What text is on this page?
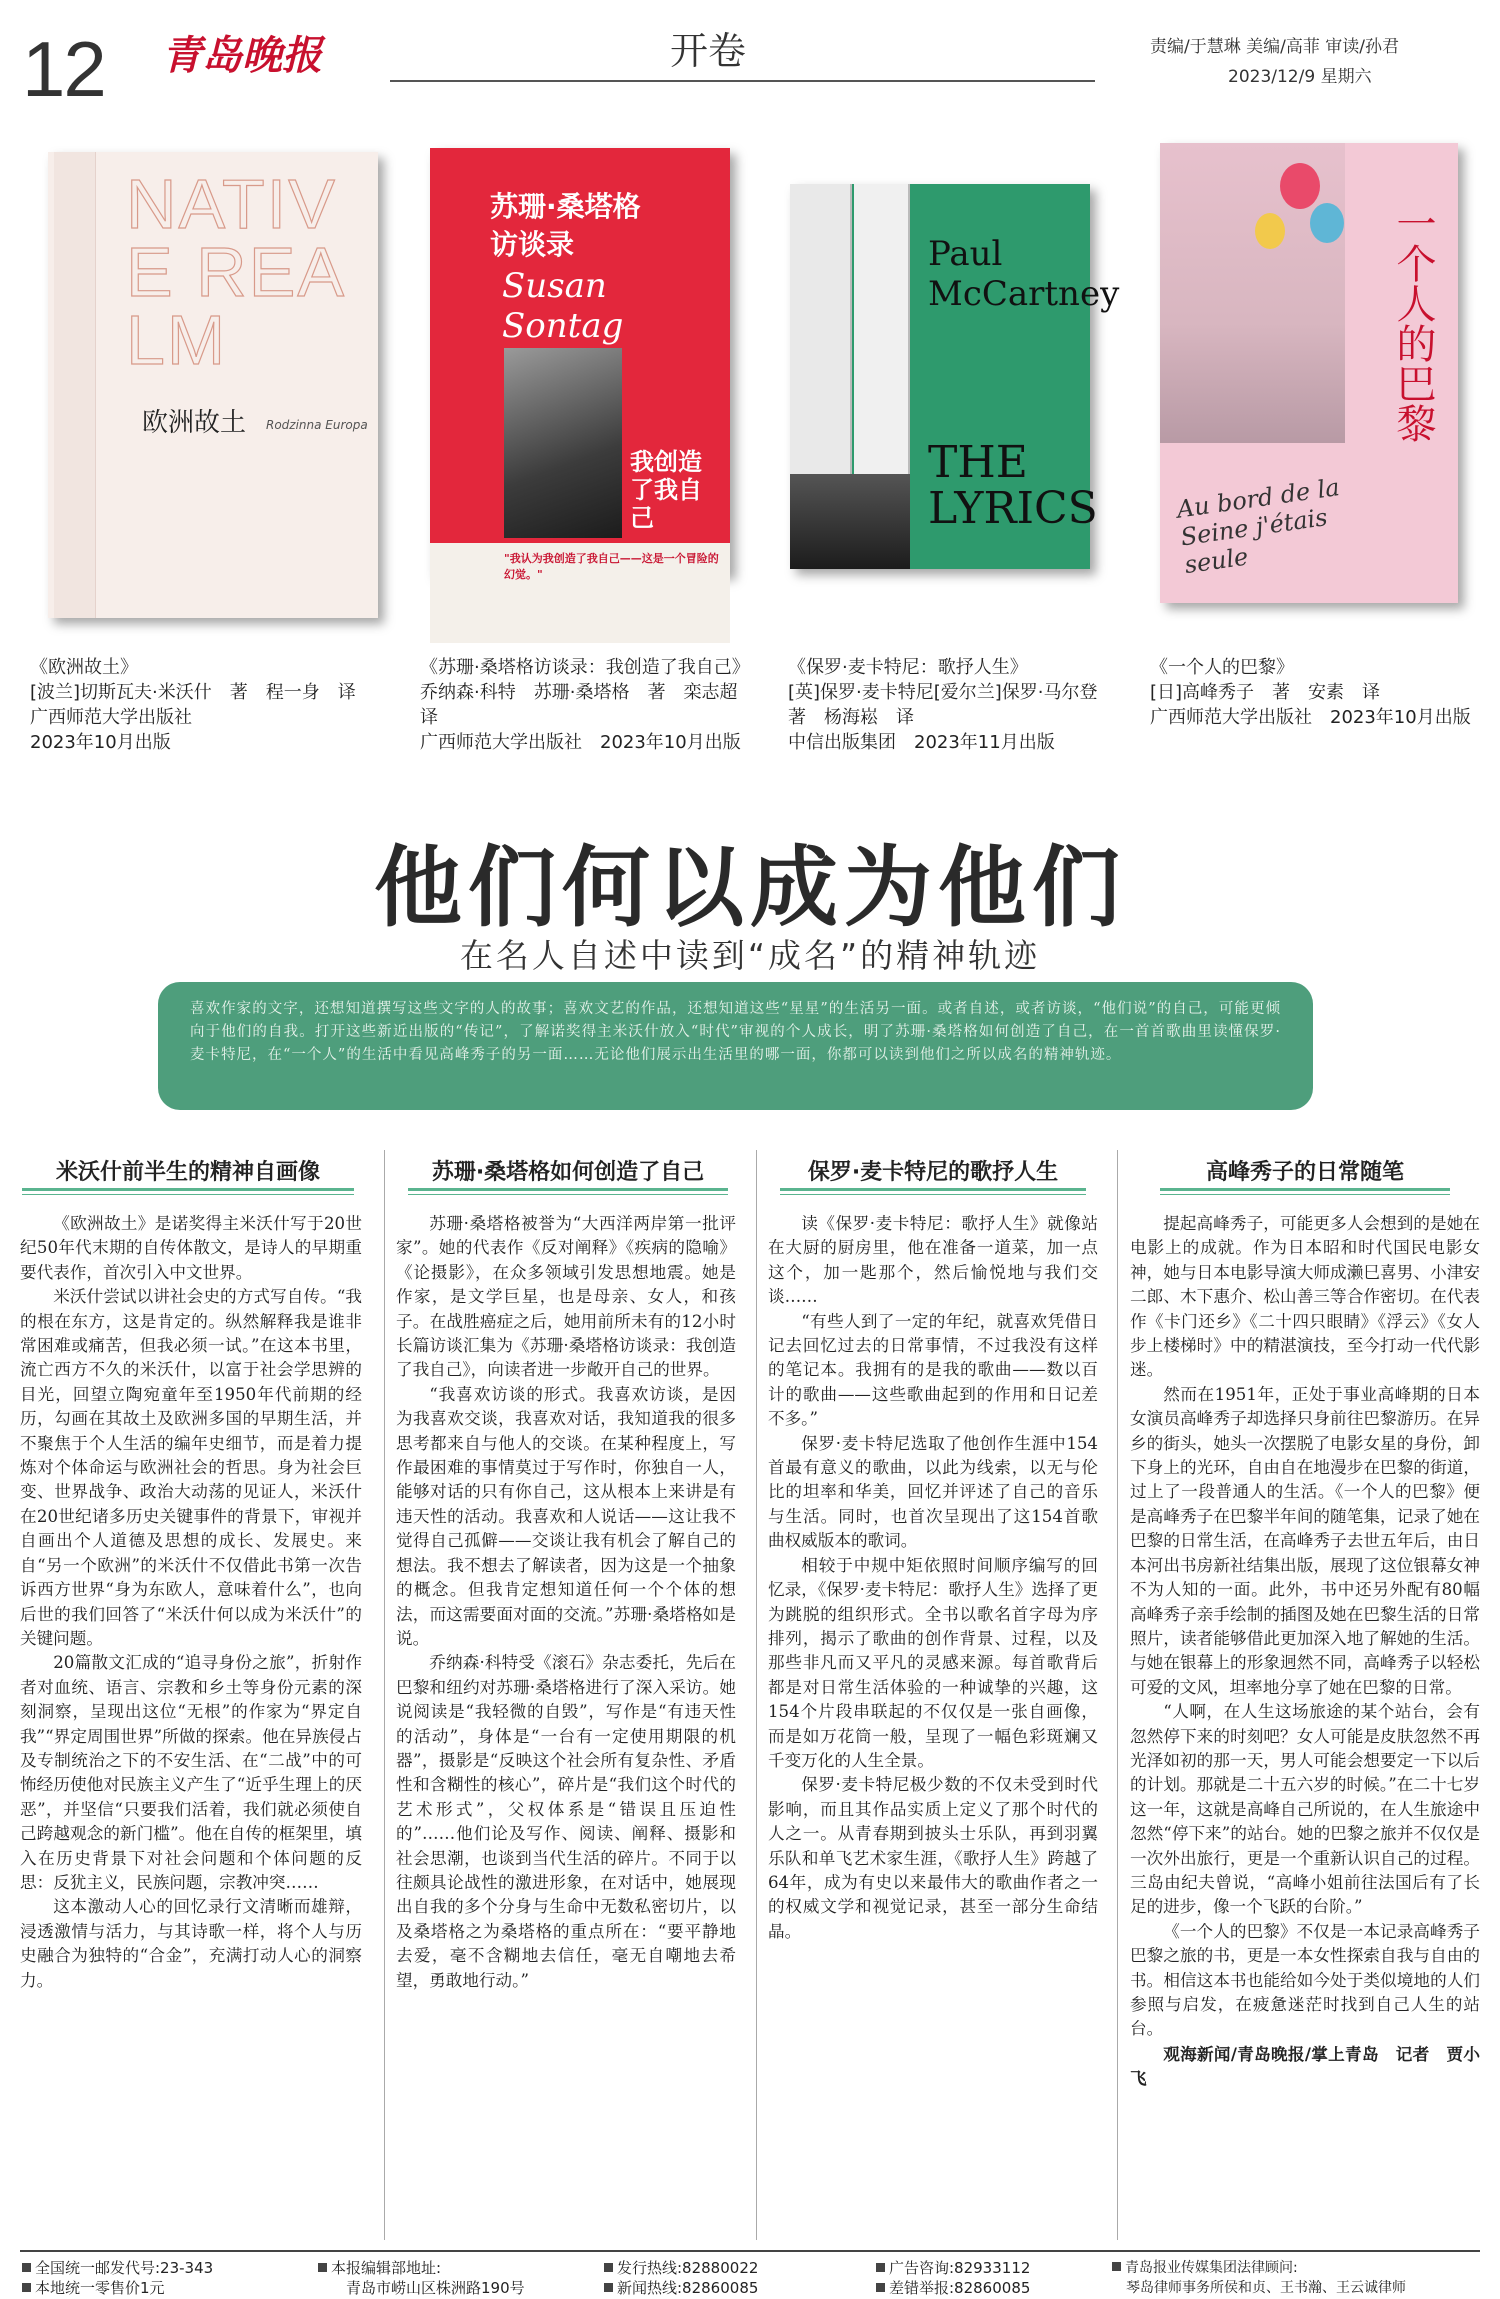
12 青岛晚报	开卷	责编/于慧琳 美编/高菲 审读/孙君
2023/12/9 星期六
NATIVE REALM
欧洲故土 Rodzinna Europa
《欧洲故土》
[波兰]切斯瓦夫·米沃什　著　程一身　译
广西师范大学出版社
2023年10月出版
苏珊·桑塔格访谈录
Susan Sontag
我创造了我自己
"我认为我创造了我自己——这是一个冒险的幻觉。"
《苏珊·桑塔格访谈录：我创造了我自己》
乔纳森·科特　苏珊·桑塔格　著　栾志超　译
广西师范大学出版社　2023年10月出版
Paul McCartney
THE LYRICS
《保罗·麦卡特尼：歌抒人生》
[英]保罗·麦卡特尼[爱尔兰]保罗·马尔登　著　杨海崧　译
中信出版集团　2023年11月出版
一个人的巴黎
Au bord de la Seine j'étais seule
《一个人的巴黎》
[日]高峰秀子　著　安素　译
广西师范大学出版社　2023年10月出版
他们何以成为他们
在名人自述中读到“成名”的精神轨迹

喜欢作家的文字，还想知道撰写这些文字的人的故事；喜欢文艺的作品，还想知道这些“星星”的生活另一面。或者自述，或者访谈，“他们说”的自己，可能更倾向于他们的自我。打开这些新近出版的“传记”，了解诺奖得主米沃什放入“时代”审视的个人成长，明了苏珊·桑塔格如何创造了自己，在一首首歌曲里读懂保罗·麦卡特尼，在“一个人”的生活中看见高峰秀子的另一面……无论他们展示出生活里的哪一面，你都可以读到他们之所以成名的精神轨迹。

米沃什前半生的精神自画像

《欧洲故土》是诺奖得主米沃什写于20世纪50年代末期的自传体散文，是诗人的早期重要代表作，首次引入中文世界。

米沃什尝试以讲社会史的方式写自传。“我的根在东方，这是肯定的。纵然解释我是谁非常困难或痛苦，但我必须一试。”在这本书里，流亡西方不久的米沃什，以富于社会学思辨的目光，回望立陶宛童年至1950年代前期的经历，勾画在其故土及欧洲多国的早期生活，并不聚焦于个人生活的编年史细节，而是着力提炼对个体命运与欧洲社会的哲思。身为社会巨变、世界战争、政治大动荡的见证人，米沃什在20世纪诸多历史关键事件的背景下，审视并自画出个人道德及思想的成长、发展史。来自“另一个欧洲”的米沃什不仅借此书第一次告诉西方世界“身为东欧人，意味着什么”，也向后世的我们回答了“米沃什何以成为米沃什”的关键问题。

20篇散文汇成的“追寻身份之旅”，折射作者对血统、语言、宗教和乡土等身份元素的深刻洞察，呈现出这位“无根”的作家为“界定自我”“界定周围世界”所做的探索。他在异族侵占及专制统治之下的不安生活、在“二战”中的可怖经历使他对民族主义产生了“近乎生理上的厌恶”，并坚信“只要我们活着，我们就必须使自己跨越观念的新门槛”。他在自传的框架里，填入在历史背景下对社会问题和个体问题的反思：反犹主义，民族问题，宗教冲突……

这本激动人心的回忆录行文清晰而雄辩，浸透激情与活力，与其诗歌一样，将个人与历史融合为独特的“合金”，充满打动人心的洞察力。

苏珊·桑塔格如何创造了自己

苏珊·桑塔格被誉为“大西洋两岸第一批评家”。她的代表作《反对阐释》《疾病的隐喻》《论摄影》，在众多领域引发思想地震。她是作家，是文学巨星，也是母亲、女人，和孩子。在战胜癌症之后，她用前所未有的12小时长篇访谈汇集为《苏珊·桑塔格访谈录：我创造了我自己》，向读者进一步敞开自己的世界。

“我喜欢访谈的形式。我喜欢访谈，是因为我喜欢交谈，我喜欢对话，我知道我的很多思考都来自与他人的交谈。在某种程度上，写作最困难的事情莫过于写作时，你独自一人，能够对话的只有你自己，这从根本上来讲是有违天性的活动。我喜欢和人说话——这让我不觉得自己孤僻——交谈让我有机会了解自己的想法。我不想去了解读者，因为这是一个抽象的概念。但我肯定想知道任何一个个体的想法，而这需要面对面的交流。”苏珊·桑塔格如是说。

乔纳森·科特受《滚石》杂志委托，先后在巴黎和纽约对苏珊·桑塔格进行了深入采访。她说阅读是“我轻微的自毁”，写作是“有违天性的活动”，身体是“一台有一定使用期限的机器”，摄影是“反映这个社会所有复杂性、矛盾性和含糊性的核心”，碎片是“我们这个时代的艺术形式”，父权体系是“错误且压迫性的”……他们论及写作、阅读、阐释、摄影和社会思潮，也谈到当代生活的碎片。不同于以往颇具论战性的激进形象，在对话中，她展现出自我的多个分身与生命中无数私密切片，以及桑塔格之为桑塔格的重点所在：“要平静地去爱，毫不含糊地去信任，毫无自嘲地去希望，勇敢地行动。”

保罗·麦卡特尼的歌抒人生

读《保罗·麦卡特尼：歌抒人生》就像站在大厨的厨房里，他在准备一道菜，加一点这个，加一匙那个，然后愉悦地与我们交谈……

“有些人到了一定的年纪，就喜欢凭借日记去回忆过去的日常事情，不过我没有这样的笔记本。我拥有的是我的歌曲——数以百计的歌曲——这些歌曲起到的作用和日记差不多。”

保罗·麦卡特尼选取了他创作生涯中154首最有意义的歌曲，以此为线索，以无与伦比的坦率和华美，回忆并评述了自己的音乐与生活。同时，也首次呈现出了这154首歌曲权威版本的歌词。

相较于中规中矩依照时间顺序编写的回忆录，《保罗·麦卡特尼：歌抒人生》选择了更为跳脱的组织形式。全书以歌名首字母为序排列，揭示了歌曲的创作背景、过程，以及那些非凡而又平凡的灵感来源。每首歌背后都是对日常生活体验的一种诚挚的兴趣，这154个片段串联起的不仅仅是一张自画像，而是如万花筒一般，呈现了一幅色彩斑斓又千变万化的人生全景。

保罗·麦卡特尼极少数的不仅未受到时代影响，而且其作品实质上定义了那个时代的人之一。从青春期到披头士乐队，再到羽翼乐队和单飞艺术家生涯，《歌抒人生》跨越了64年，成为有史以来最伟大的歌曲作者之一的权威文学和视觉记录，甚至一部分生命结晶。

高峰秀子的日常随笔

提起高峰秀子，可能更多人会想到的是她在电影上的成就。作为日本昭和时代国民电影女神，她与日本电影导演大师成濑巳喜男、小津安二郎、木下惠介、松山善三等合作密切。在代表作《卡门还乡》《二十四只眼睛》《浮云》《女人步上楼梯时》中的精湛演技，至今打动一代代影迷。

然而在1951年，正处于事业高峰期的日本女演员高峰秀子却选择只身前往巴黎游历。在异乡的街头，她头一次摆脱了电影女星的身份，卸下身上的光环，自由自在地漫步在巴黎的街道，过上了一段普通人的生活。《一个人的巴黎》便是高峰秀子在巴黎半年间的随笔集，记录了她在巴黎的日常生活，在高峰秀子去世五年后，由日本河出书房新社结集出版，展现了这位银幕女神不为人知的一面。此外，书中还另外配有80幅高峰秀子亲手绘制的插图及她在巴黎生活的日常照片，读者能够借此更加深入地了解她的生活。与她在银幕上的形象迥然不同，高峰秀子以轻松可爱的文风，坦率地分享了她在巴黎的日常。

“人啊，在人生这场旅途的某个站台，会有忽然停下来的时刻吧？女人可能是皮肤忽然不再光泽如初的那一天，男人可能会想要定一下以后的计划。那就是二十五六岁的时候。”在二十七岁这一年，这就是高峰自己所说的，在人生旅途中忽然“停下来”的站台。她的巴黎之旅并不仅仅是一次外出旅行，更是一个重新认识自己的过程。三岛由纪夫曾说，“高峰小姐前往法国后有了长足的进步，像一个飞跃的台阶。”

《一个人的巴黎》不仅是一本记录高峰秀子巴黎之旅的书，更是一本女性探索自我与自由的书。相信这本书也能给如今处于类似境地的人们参照与启发，在疲惫迷茫时找到自己人生的站台。

观海新闻/青岛晚报/掌上青岛　记者　贾小飞

全国统一邮发代号:23-343
本地统一零售价1元
本报编辑部地址:
青岛市崂山区株洲路190号
发行热线:82880022
新闻热线:82860085
广告咨询:82933112
差错举报:82860085
青岛报业传媒集团法律顾问:
琴岛律师事务所侯和贞、王书瀚、王云诚律师
